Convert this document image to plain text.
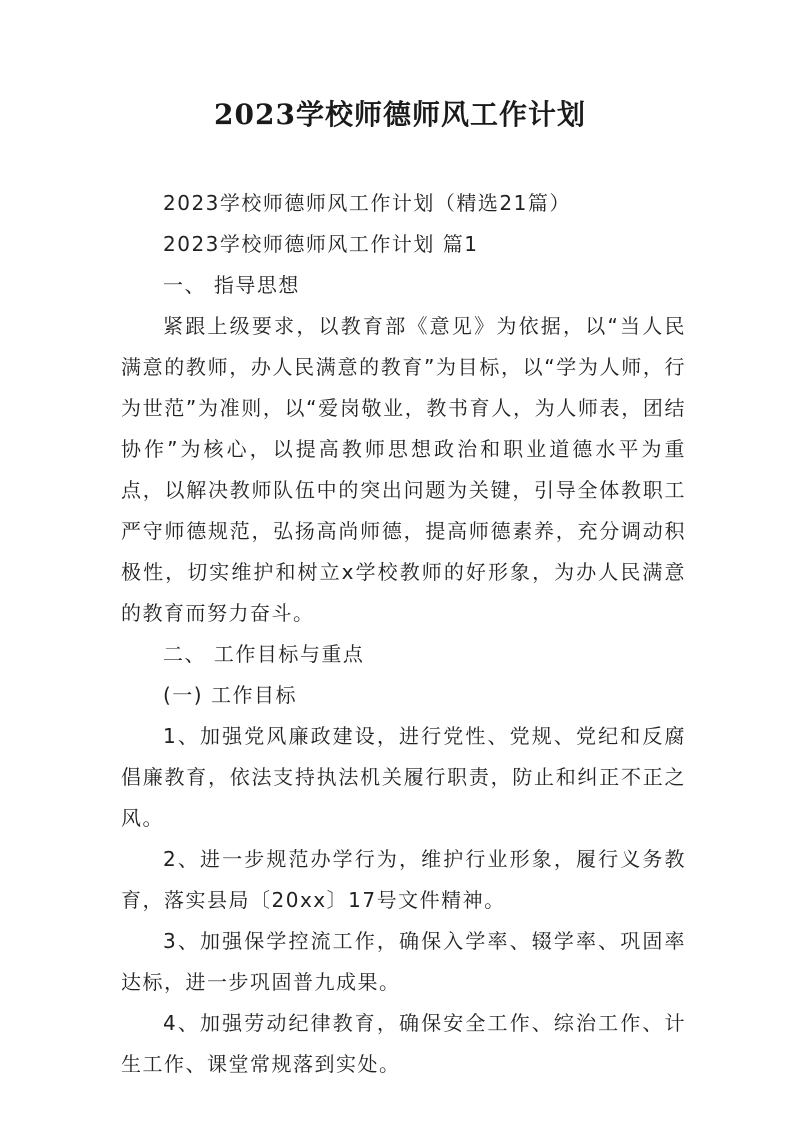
2023学校师德师风工作计划

2023学校师德师风工作计划（精选21篇）

2023学校师德师风工作计划 篇1

一、 指导思想

紧跟上级要求，以教育部《意见》为依据，以“当人民满意的教师，办人民满意的教育”为目标，以“学为人师，行为世范”为准则，以“爱岗敬业，教书育人，为人师表，团结协作”为核心，以提高教师思想政治和职业道德水平为重点，以解决教师队伍中的突出问题为关键，引导全体教职工严守师德规范，弘扬高尚师德，提高师德素养，充分调动积极性，切实维护和树立x学校教师的好形象，为办人民满意的教育而努力奋斗。

二、 工作目标与重点

(一) 工作目标

1、加强党风廉政建设，进行党性、党规、党纪和反腐倡廉教育，依法支持执法机关履行职责，防止和纠正不正之风。

2、进一步规范办学行为，维护行业形象，履行义务教育，落实县局〔20xx〕17号文件精神。

3、加强保学控流工作，确保入学率、辍学率、巩固率达标，进一步巩固普九成果。

4、加强劳动纪律教育，确保安全工作、综治工作、计生工作、课堂常规落到实处。
